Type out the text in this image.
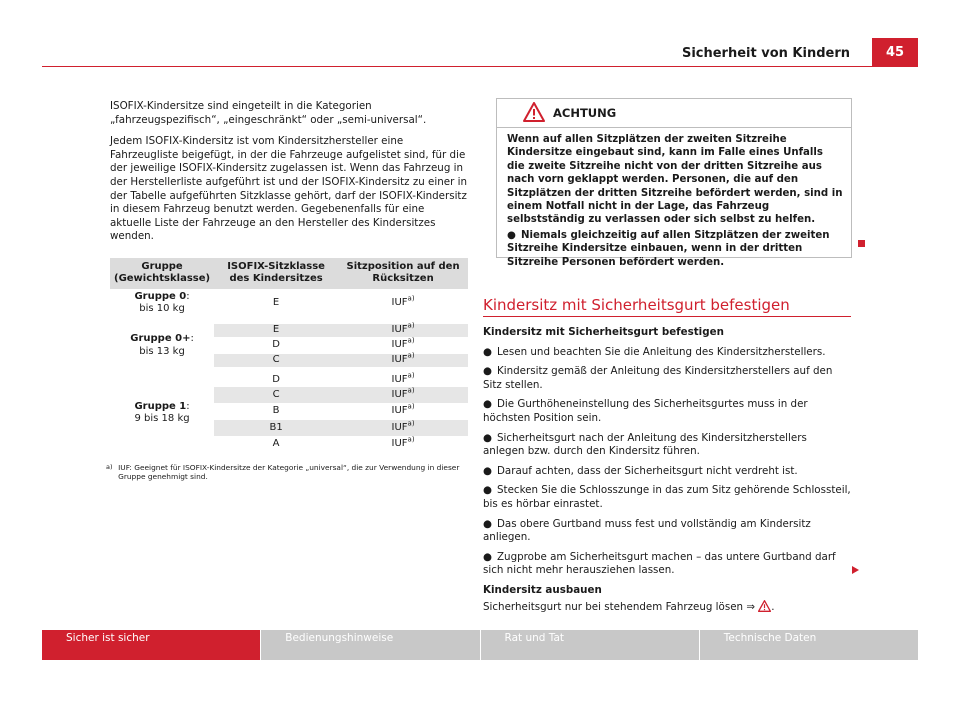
Sicherheit von Kindern	45

ISOFIX-Kindersitze sind eingeteilt in die Kategorien „fahrzeugspezifisch“, „eingeschränkt“ oder „semi-universal“.

Jedem ISOFIX-Kindersitz ist vom Kindersitzhersteller eine Fahrzeugliste beigefügt, in der die Fahrzeuge aufgelistet sind, für die der jeweilige ISOFIX-Kindersitz zugelassen ist. Wenn das Fahrzeug in der Herstellerliste aufgeführt ist und der ISOFIX-Kindersitz zu einer in der Tabelle aufgeführten Sitzklasse gehört, darf der ISOFIX-Kindersitz in diesem Fahrzeug benutzt werden. Gegebenenfalls für eine aktuelle Liste der Fahrzeuge an den Hersteller des Kindersitzes wenden.

Gruppe (Gewichtsklasse)	ISOFIX-Sitzklasse des Kindersitzes	Sitzposition auf den Rücksitzen
Gruppe 0:
bis 10 kg	E	IUF$^{a)}$
Gruppe 0+:
bis 13 kg	E	IUF$^{a)}$
	D	IUF$^{a)}$
	C	IUF$^{a)}$
Gruppe 1:
9 bis 18 kg	D	IUF$^{a)}$
	C	IUF$^{a)}$
	B	IUF$^{a)}$
	B1	IUF$^{a)}$
	A	IUF$^{a)}$
a) IUF: Geeignet für ISOFIX-Kindersitze der Kategorie „universal“, die zur Verwendung in dieser Gruppe genehmigt sind.
ACHTUNG

Wenn auf allen Sitzplätzen der zweiten Sitzreihe Kindersitze eingebaut sind, kann im Falle eines Unfalls die zweite Sitzreihe nicht von der dritten Sitzreihe aus nach vorn geklappt werden. Personen, die auf den Sitzplätzen der dritten Sitzreihe befördert werden, sind in einem Notfall nicht in der Lage, das Fahrzeug selbstständig zu verlassen oder sich selbst zu helfen.

● Niemals gleichzeitig auf allen Sitzplätzen der zweiten Sitzreihe Kindersitze einbauen, wenn in der dritten Sitzreihe Personen befördert werden.

Kindersitz mit Sicherheitsgurt befestigen
Kindersitz mit Sicherheitsgurt befestigen
● Lesen und beachten Sie die Anleitung des Kindersitzherstellers.
● Kindersitz gemäß der Anleitung des Kindersitzherstellers auf den Sitz stellen.
● Die Gurthöheneinstellung des Sicherheitsgurtes muss in der höchsten Position sein.
● Sicherheitsgurt nach der Anleitung des Kindersitzherstellers anlegen bzw. durch den Kindersitz führen.
● Darauf achten, dass der Sicherheitsgurt nicht verdreht ist.
● Stecken Sie die Schlosszunge in das zum Sitz gehörende Schlossteil, bis es hörbar einrastet.
● Das obere Gurtband muss fest und vollständig am Kindersitz anliegen.
● Zugprobe am Sicherheitsgurt machen – das untere Gurtband darf sich nicht mehr herausziehen lassen.
Kindersitz ausbauen
Sicherheitsgurt nur bei stehendem Fahrzeug lösen ⇒ .
Sicher ist sicher	Bedienungshinweise	Rat und Tat	Technische Daten
